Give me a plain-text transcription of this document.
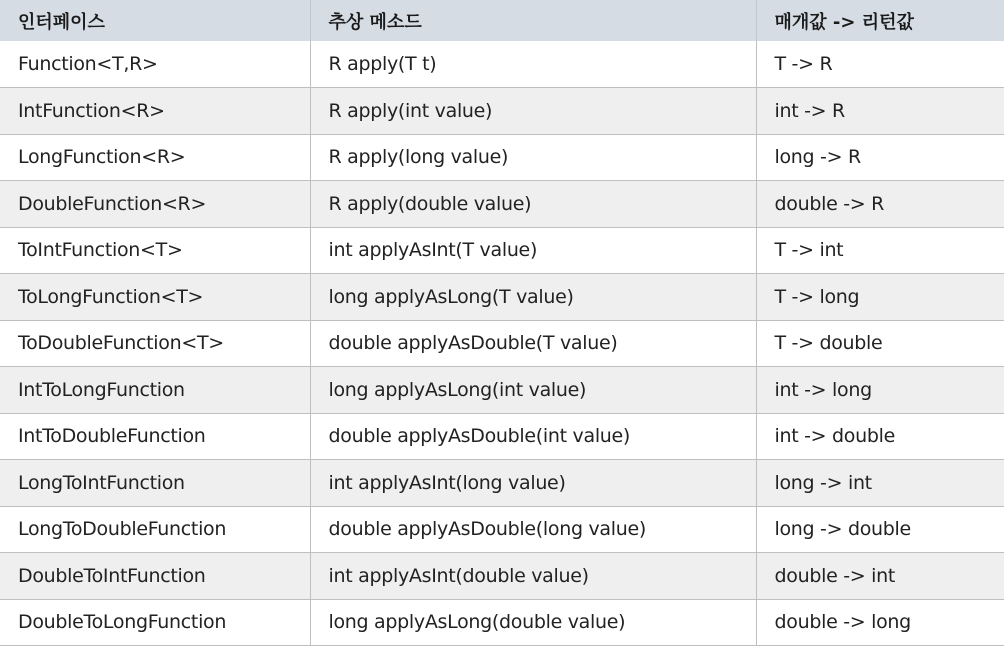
인터페이스	추상 메소드	매개값 -> 리턴값
Function<T,R>	R apply(T t)	T -> R
IntFunction<R>	R apply(int value)	int -> R
LongFunction<R>	R apply(long value)	long -> R
DoubleFunction<R>	R apply(double value)	double -> R
ToIntFunction<T>	int applyAsInt(T value)	T -> int
ToLongFunction<T>	long applyAsLong(T value)	T -> long
ToDoubleFunction<T>	double applyAsDouble(T value)	T -> double
IntToLongFunction	long applyAsLong(int value)	int -> long
IntToDoubleFunction	double applyAsDouble(int value)	int -> double
LongToIntFunction	int applyAsInt(long value)	long -> int
LongToDoubleFunction	double applyAsDouble(long value)	long -> double
DoubleToIntFunction	int applyAsInt(double value)	double -> int
DoubleToLongFunction	long applyAsLong(double value)	double -> long
